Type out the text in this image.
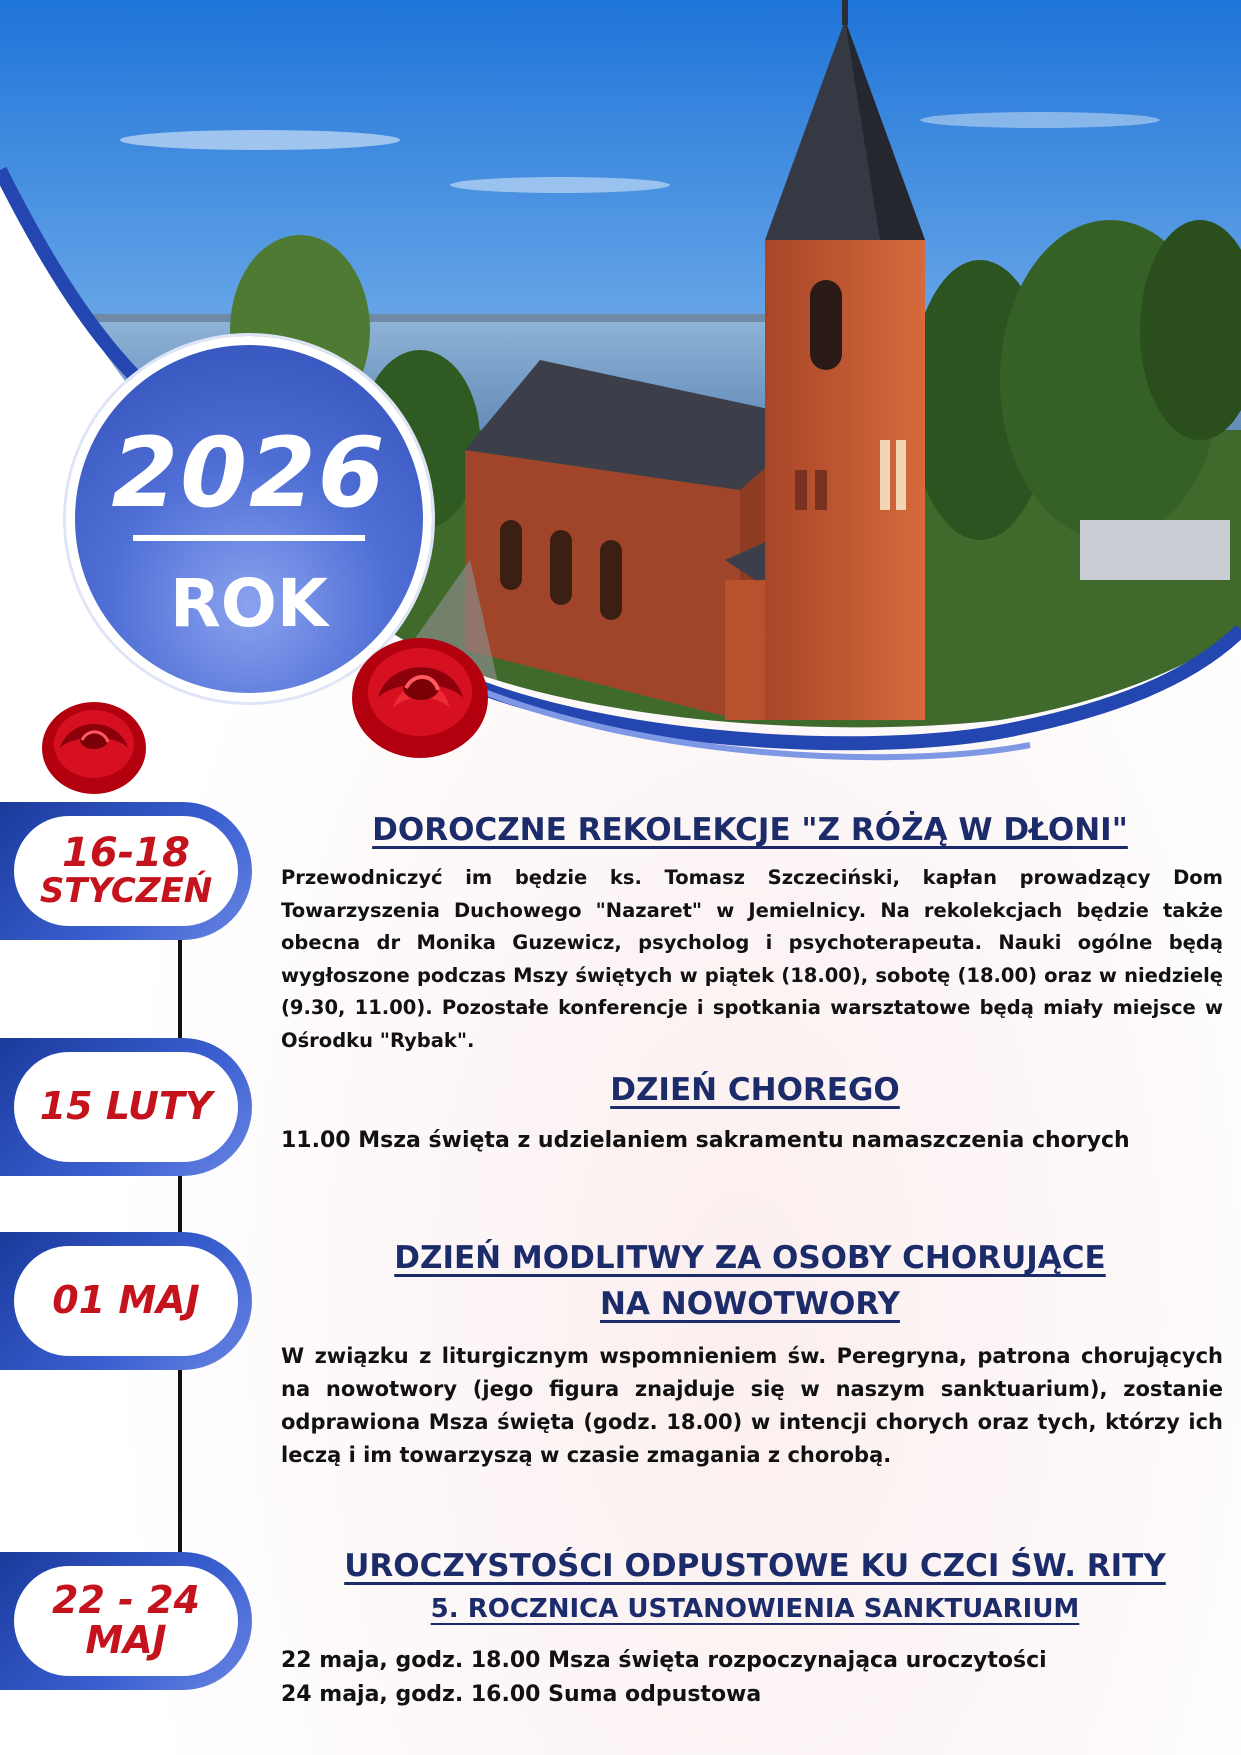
2026
ROK
16-18
STYCZEŃ
DOROCZNE REKOLEKCJE "Z RÓŻĄ W DŁONI"
Przewodniczyć im będzie ks. Tomasz Szczeciński, kapłan prowadzący Dom Towarzyszenia Duchowego "Nazaret" w Jemielnicy. Na rekolekcjach będzie także obecna dr Monika Guzewicz, psycholog i psychoterapeuta. Nauki ogólne będą wygłoszone podczas Mszy świętych w piątek (18.00), sobotę (18.00) oraz w niedzielę (9.30, 11.00). Pozostałe konferencje i spotkania warsztatowe będą miały miejsce w Ośrodku "Rybak".
15 LUTY	DZIEŃ CHOREGO
11.00 Msza święta z udzielaniem sakramentu namaszczenia chorych
01 MAJ
DZIEŃ MODLITWY ZA OSOBY CHORUJĄCE
NA NOWOTWORY
W związku z liturgicznym wspomnieniem św. Peregryna, patrona chorujących na nowotwory (jego figura znajduje się w naszym sanktuarium), zostanie odprawiona Msza święta (godz. 18.00) w intencji chorych oraz tych, którzy ich leczą i im towarzyszą w czasie zmagania z chorobą.
22 - 24
MAJ
UROCZYSTOŚCI ODPUSTOWE KU CZCI ŚW. RITY
5. ROCZNICA USTANOWIENIA SANKTUARIUM
22 maja, godz. 18.00 Msza święta rozpoczynająca uroczytości
24 maja, godz. 16.00 Suma odpustowa
